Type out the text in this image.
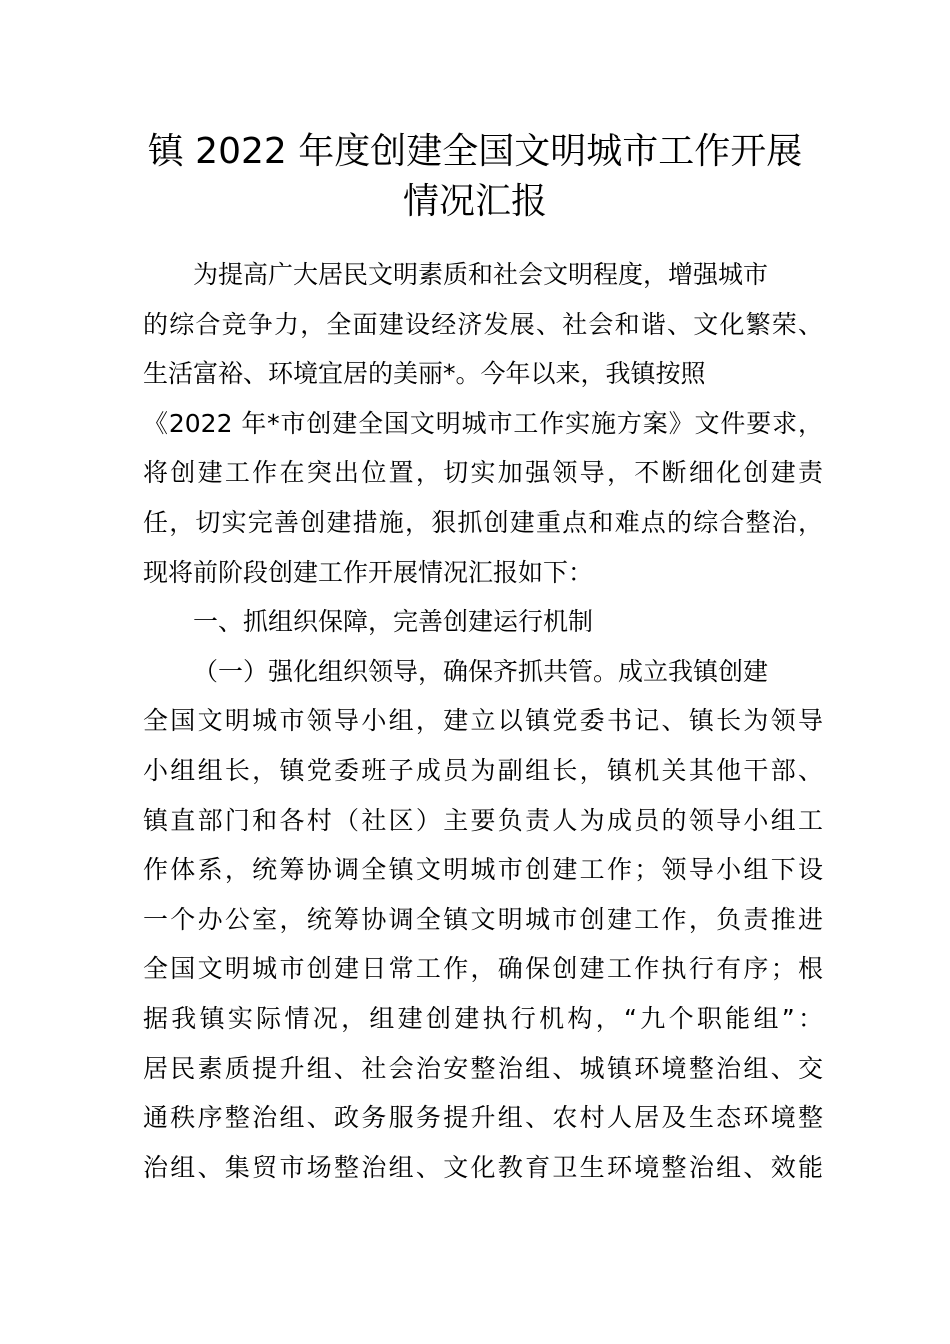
镇 2022 年度创建全国文明城市工作开展
情况汇报
为提高广大居民文明素质和社会文明程度，增强城市
的综合竞争力，全面建设经济发展、社会和谐、文化繁荣、
生活富裕、环境宜居的美丽*。今年以来，我镇按照
《2022 年*市创建全国文明城市工作实施方案》文件要求，
将创建工作在突出位置，切实加强领导，不断细化创建责
任，切实完善创建措施，狠抓创建重点和难点的综合整治，
现将前阶段创建工作开展情况汇报如下：
一、抓组织保障，完善创建运行机制
（一）强化组织领导，确保齐抓共管。成立我镇创建
全国文明城市领导小组，建立以镇党委书记、镇长为领导
小组组长，镇党委班子成员为副组长，镇机关其他干部、
镇直部门和各村（社区）主要负责人为成员的领导小组工
作体系，统筹协调全镇文明城市创建工作；领导小组下设
一个办公室，统筹协调全镇文明城市创建工作，负责推进
全国文明城市创建日常工作，确保创建工作执行有序；根
据我镇实际情况，组建创建执行机构，“九个职能组”：
居民素质提升组、社会治安整治组、城镇环境整治组、交
通秩序整治组、政务服务提升组、农村人居及生态环境整
治组、集贸市场整治组、文化教育卫生环境整治组、效能
